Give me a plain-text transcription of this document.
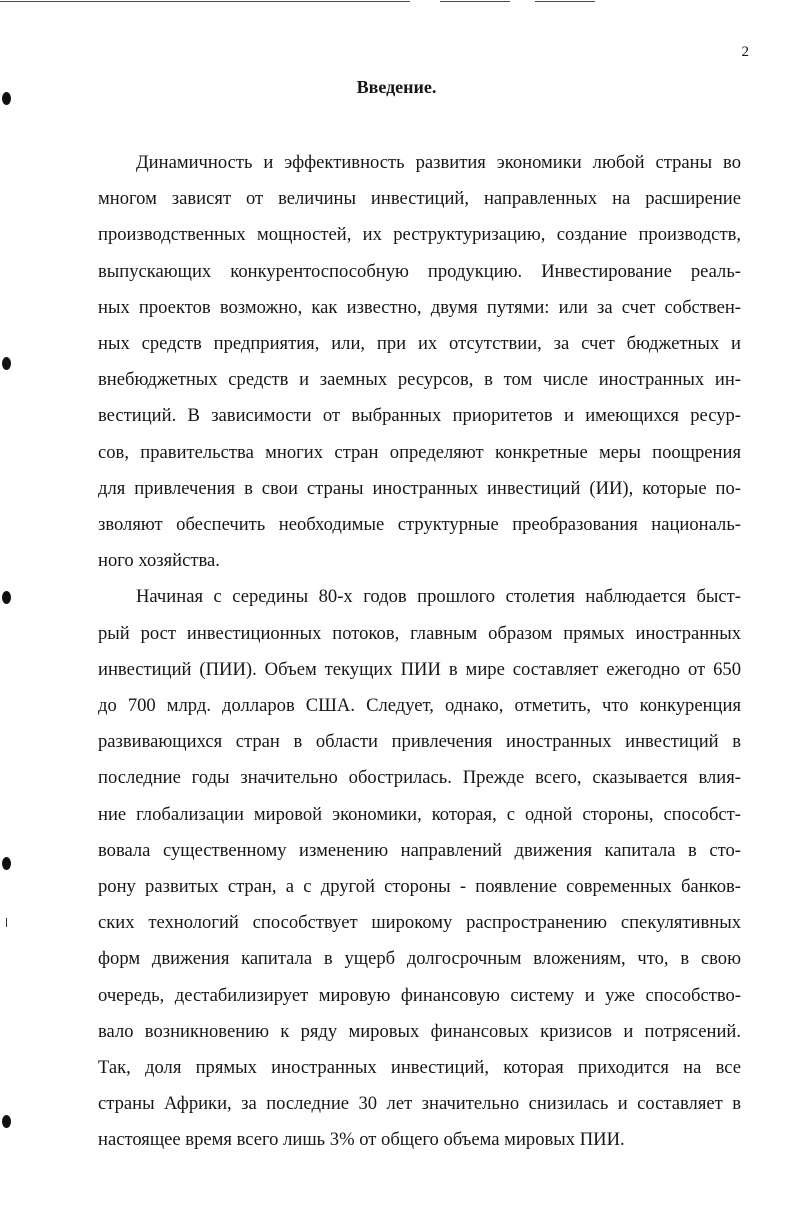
2
Введение.

Динамичность и эффективность развития экономики любой страны во
многом зависят от величины инвестиций, направленных на расширение
производственных мощностей, их реструктуризацию, создание производств,
выпускающих конкурентоспособную продукцию. Инвестирование реаль-
ных проектов возможно, как известно, двумя путями: или за счет собствен-
ных средств предприятия, или, при их отсутствии, за счет бюджетных и
внебюджетных средств и заемных ресурсов, в том числе иностранных ин-
вестиций. В зависимости от выбранных приоритетов и имеющихся ресур-
сов, правительства многих стран определяют конкретные меры поощрения
для привлечения в свои страны иностранных инвестиций (ИИ), которые по-
зволяют обеспечить необходимые структурные преобразования националь-
ного хозяйства.

Начиная с середины 80-х годов прошлого столетия наблюдается быст-
рый рост инвестиционных потоков, главным образом прямых иностранных
инвестиций (ПИИ). Объем текущих ПИИ в мире составляет ежегодно от 650
до 700 млрд. долларов США. Следует, однако, отметить, что конкуренция
развивающихся стран в области привлечения иностранных инвестиций в
последние годы значительно обострилась. Прежде всего, сказывается влия-
ние глобализации мировой экономики, которая, с одной стороны, способст-
вовала существенному изменению направлений движения капитала в сто-
рону развитых стран, а с другой стороны - появление современных банков-
ских технологий способствует широкому распространению спекулятивных
форм движения капитала в ущерб долгосрочным вложениям, что, в свою
очередь, дестабилизирует мировую финансовую систему и уже способство-
вало возникновению к ряду мировых финансовых кризисов и потрясений.
Так, доля прямых иностранных инвестиций, которая приходится на все
страны Африки, за последние 30 лет значительно снизилась и составляет в
настоящее время всего лишь 3% от общего объема мировых ПИИ.
